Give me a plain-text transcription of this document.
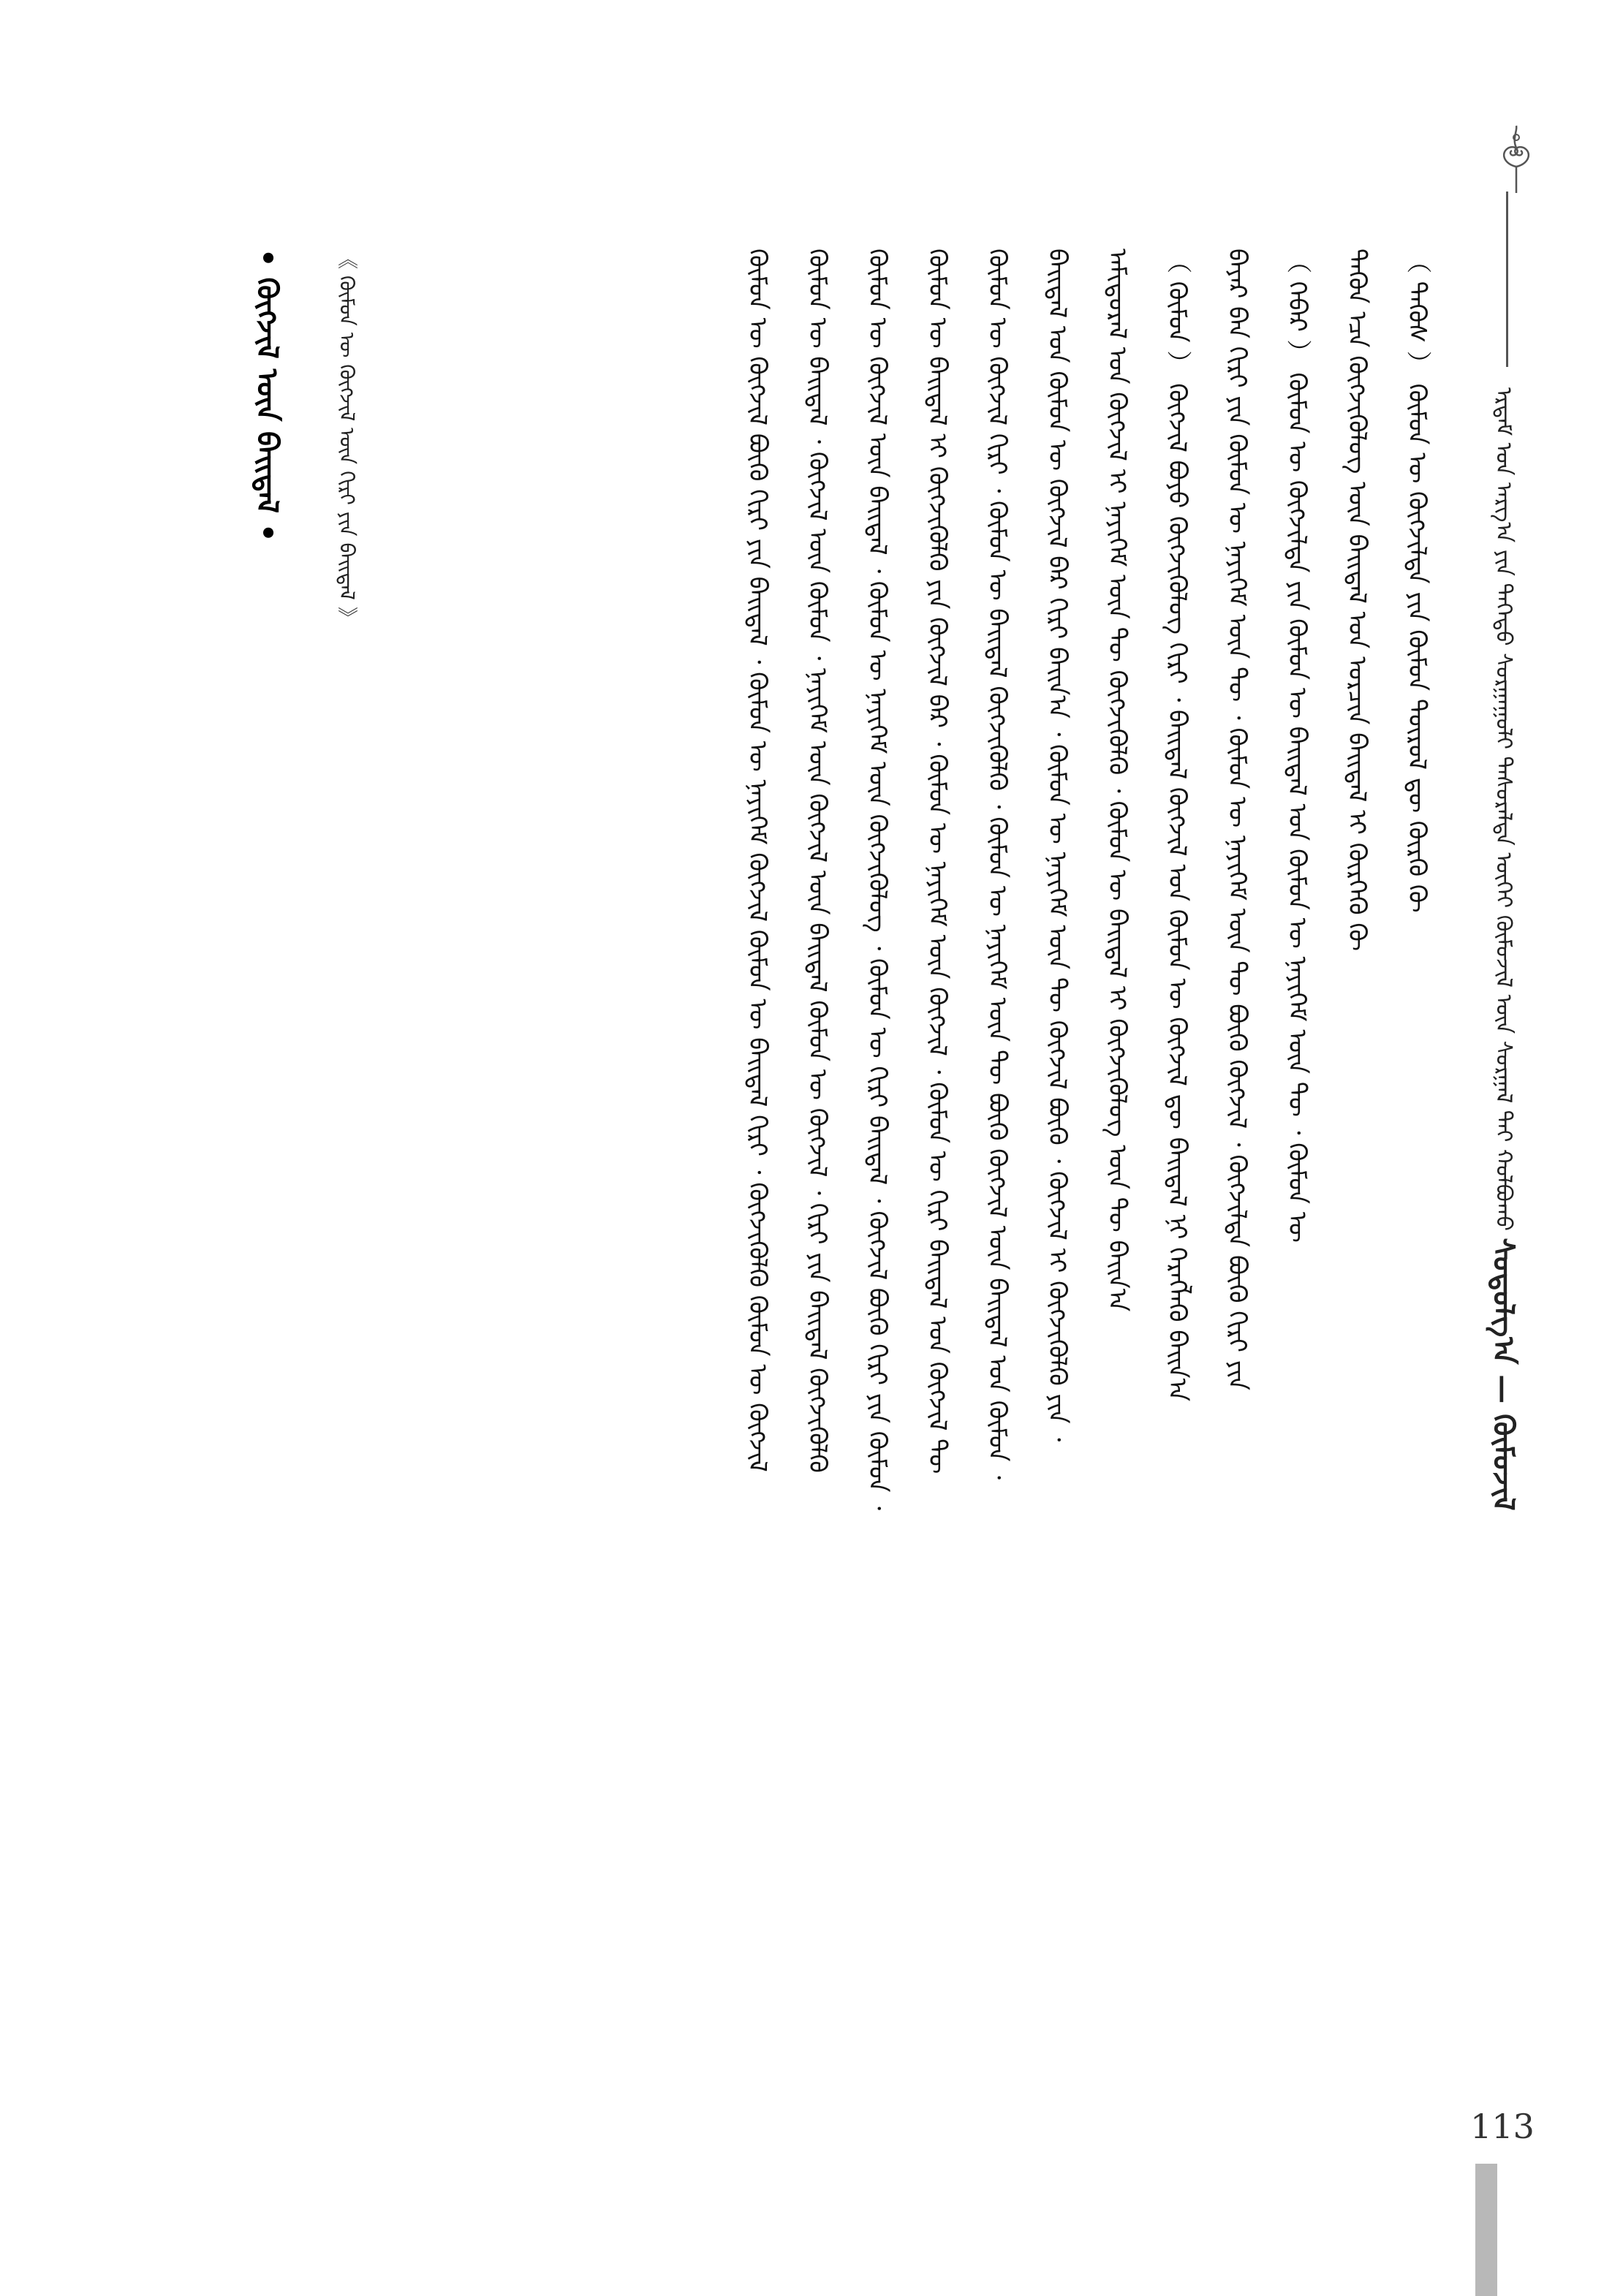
ᠡᠷᠳᠡᠮ ᠤᠨ ᠠᠷᠭ᠎ᠠ ᠶᠢᠨ ᠳᠡᠭᠡᠳᠦ ᠰᠤᠷᠭᠠᠭᠤᠯᠢ ᠲᠠᠰᠤᠷᠠᠯᠲᠠ ᠦᠭᠡᠢ ᠬᠦᠮᠦᠵᠢᠯ ᠦᠨ ᠰᠤᠷᠭᠠᠯ ᠲᠠᠢ ᠬᠣᠯᠪᠣᠬᠤ ᠰᠤᠳᠤᠯᠭ᠎ᠠ — ᠬᠦᠮᠦᠵᠢᠯ
（ ᠲᠡᠭᠦᠰ ） ᠬᠦᠮᠦᠨ ᠦ ᠬᠥᠭᠵᠢᠯᠲᠡ ᠶᠢᠨ ᠬᠦᠮᠦᠨ ᠲᠥᠷᠦᠯ ᠳᠦ ᠬᠦᠷᠬᠦ ᠬᠦ
ᠲᠡᠭᠦᠨ ᠡᠴᠡ ᠬᠥᠭᠵᠢᠭᠦᠯᠦᠭ ᠦᠨ ᠪᠠᠢᠳᠠᠯ ᠤᠨ ᠣᠷᠴᠢᠨ ᠪᠠᠢᠳᠠᠯ ᠢ ᠬᠦᠷᠭᠡᠬᠦ ᠬᠦ
（ ᠬᠡᠪᠡᠷ ） ᠬᠦᠮᠦᠨ ᠦ ᠬᠥᠭᠵᠢᠯᠲᠡ ᠶᠢᠨ ᠬᠦᠮᠦᠨ ᠦ ᠪᠠᠢᠳᠠᠯ ᠤᠨ ᠬᠦᠮᠦᠨ ᠦ ᠨᠡᠶᠢᠭᠡᠮ ᠦᠨ ᠲᠦ ᠂ ᠬᠦᠮᠦᠨ ᠦ
ᠪᠠᠶᠠᠷ ᠪᠠᠨ ᠬᠢᠷᠢ ᠶᠢᠨ ᠬᠦᠮᠦᠨ ᠦ ᠨᠡᠶᠢᠭᠡᠮ ᠦᠨ ᠲᠦ ᠂ ᠬᠦᠮᠦᠨ ᠦ ᠨᠡᠶᠢᠭᠡᠮ ᠦᠨ ᠲᠦ ᠪᠦᠬᠦ ᠬᠥᠭᠵᠢᠯ ᠂ ᠬᠥᠭᠵᠢᠯᠲᠡ ᠪᠦᠬᠦ ᠬᠢᠷᠢ ᠶᠢᠨ
（ ᠬᠦᠮᠦᠨ ） ᠬᠥᠭᠵᠢᠯ ᠪᠤᠶᠤ ᠬᠥᠭᠵᠢᠭᠦᠯᠦᠭ ᠬᠢᠷᠢ ᠂ ᠪᠠᠢᠳᠠᠯ ᠬᠥᠭᠵᠢᠯ ᠤᠨ ᠬᠦᠮᠦᠨ ᠦ ᠬᠥᠭᠵᠢᠯ ᠳᠦ ᠪᠠᠢᠳᠠᠯ ᠨᠢ ᠬᠡᠷᠡᠭᠯᠡᠬᠦ ᠪᠠᠢᠨ᠎ᠠ
ᠠᠮᠢᠳᠤᠷᠠᠯ ᠤᠨ ᠬᠥᠭᠵᠢᠯ ᠢ ᠨᠡᠶᠢᠭᠡᠮ ᠦᠨ ᠲᠦ ᠬᠥᠭᠵᠢᠭᠦᠯᠬᠦ ᠂ ᠬᠦᠮᠦᠨ ᠦ ᠪᠠᠢᠳᠠᠯ ᠢ ᠬᠥᠭᠵᠢᠭᠦᠯᠦᠭ ᠦᠨ ᠲᠦ ᠪᠠᠢᠨ᠎ᠠ
ᠪᠠᠢᠳᠠᠯ ᠤᠨ ᠬᠦᠮᠦᠨ ᠦ ᠬᠥᠭᠵᠢᠯ ᠪᠡᠷ ᠬᠢᠷᠢ ᠪᠠᠢᠨ᠎ᠠ ᠂ ᠬᠦᠮᠦᠨ ᠦ ᠨᠡᠶᠢᠭᠡᠮ ᠦᠨ ᠲᠦ ᠬᠥᠭᠵᠢᠯ ᠪᠦᠬᠦ ᠂ ᠬᠥᠭᠵᠢᠯ ᠢ ᠬᠥᠭᠵᠢᠭᠦᠯᠬᠦ ᠶᠢᠨ ᠂
ᠬᠦᠮᠦᠨ ᠦ ᠬᠥᠭᠵᠢᠯ ᠬᠢᠷᠢ ᠂ ᠬᠦᠮᠦᠨ ᠦ ᠪᠠᠢᠳᠠᠯ ᠬᠥᠭᠵᠢᠭᠦᠯᠬᠦ ᠂ ᠬᠦᠮᠦᠨ ᠦ ᠨᠡᠶᠢᠭᠡᠮ ᠦᠨ ᠲᠦ ᠪᠦᠬᠦ ᠬᠥᠭᠵᠢᠯ ᠦᠨ ᠪᠠᠢᠳᠠᠯ ᠤᠨ ᠬᠦᠮᠦᠨ ᠂
ᠬᠦᠮᠦᠨ ᠦ ᠪᠠᠢᠳᠠᠯ ᠢ ᠬᠥᠭᠵᠢᠭᠦᠯᠬᠦ ᠶᠢᠨ ᠬᠥᠭᠵᠢᠯ ᠪᠡᠷ ᠂ ᠬᠦᠮᠦᠨ ᠦ ᠨᠡᠶᠢᠭᠡᠮ ᠦᠨ ᠬᠥᠭᠵᠢᠯ ᠂ ᠬᠦᠮᠦᠨ ᠦ ᠬᠢᠷᠢ ᠪᠠᠢᠳᠠᠯ ᠤᠨ ᠬᠥᠭᠵᠢᠯ ᠲᠦ
ᠬᠦᠮᠦᠨ ᠦ ᠬᠥᠭᠵᠢᠯ ᠦᠨ ᠪᠠᠢᠳᠠᠯ ᠂ ᠬᠦᠮᠦᠨ ᠦ ᠨᠡᠶᠢᠭᠡᠮ ᠦᠨ ᠬᠥᠭᠵᠢᠭᠦᠯᠦᠭ ᠂ ᠬᠦᠮᠦᠨ ᠦ ᠬᠢᠷᠢ ᠪᠠᠢᠳᠠᠯ ᠂ ᠬᠥᠭᠵᠢᠯ ᠪᠦᠬᠦ ᠬᠢᠷᠢ ᠶᠢᠨ ᠬᠦᠮᠦᠨ ᠂
ᠬᠦᠮᠦᠨ ᠦ ᠪᠠᠢᠳᠠᠯ ᠂ ᠬᠥᠭᠵᠢᠯ ᠦᠨ ᠬᠦᠮᠦᠨ ᠂ ᠨᠡᠶᠢᠭᠡᠮ ᠦᠨ ᠬᠥᠭᠵᠢᠯ ᠦᠨ ᠪᠠᠢᠳᠠᠯ ᠬᠦᠮᠦᠨ ᠦ ᠬᠥᠭᠵᠢᠯ ᠂ ᠬᠢᠷᠢ ᠶᠢᠨ ᠪᠠᠢᠳᠠᠯ ᠬᠥᠭᠵᠢᠭᠦᠯᠬᠦ
ᠬᠦᠮᠦᠨ ᠦ ᠬᠥᠭᠵᠢᠯ ᠪᠦᠬᠦ ᠬᠢᠷᠢ ᠶᠢᠨ ᠪᠠᠢᠳᠠᠯ ᠂ ᠬᠦᠮᠦᠨ ᠦ ᠨᠡᠶᠢᠭᠡᠮ ᠬᠥᠭᠵᠢᠯ ᠬᠦᠮᠦᠨ ᠦ ᠪᠠᠢᠳᠠᠯ ᠬᠢᠷᠢ ᠂ ᠬᠥᠭᠵᠢᠭᠦᠯᠬᠦ ᠬᠦᠮᠦᠨ ᠦ ᠬᠥᠭᠵᠢᠯ
《 ᠬᠦᠮᠦᠨ ᠦ ᠬᠥᠭᠵᠢᠯ ᠦᠨ ᠬᠢᠷᠢ ᠶᠢᠨ ᠪᠠᠢᠳᠠᠯ 》
• ᠬᠥᠭᠵᠢᠯ ᠦᠨ ᠪᠠᠢᠳᠠᠯ •
113
